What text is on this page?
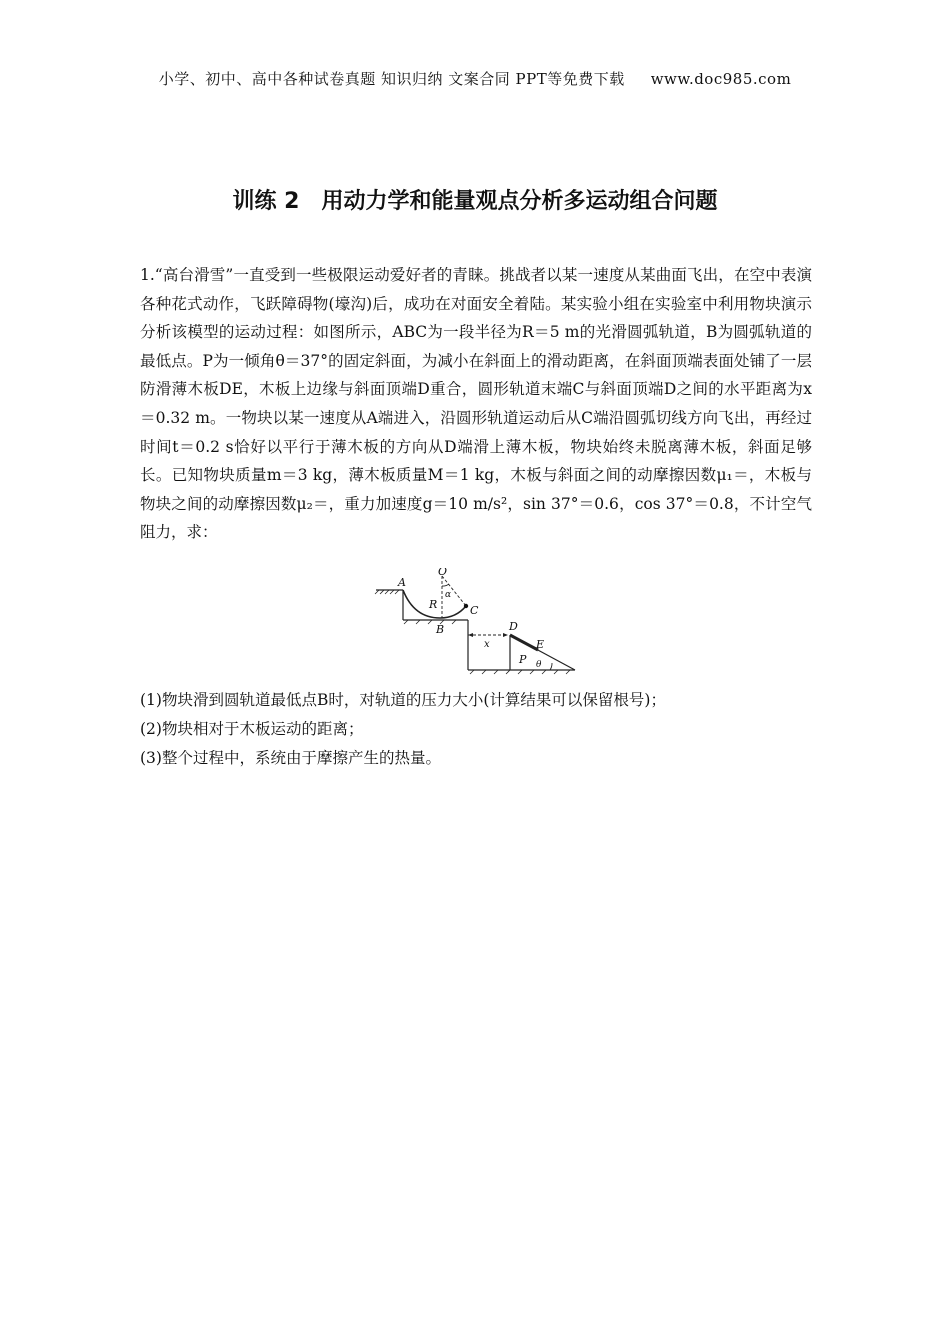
小学、初中、高中各种试卷真题 知识归纳 文案合同 PPT等免费下载 www.doc985.com
训练 2　用动力学和能量观点分析多运动组合问题
1.“高台滑雪”一直受到一些极限运动爱好者的青睐。挑战者以某一速度从某曲面飞出，在空中表演各种花式动作，飞跃障碍物(壕沟)后，成功在对面安全着陆。某实验小组在实验室中利用物块演示分析该模型的运动过程：如图所示，ABC为一段半径为R＝5 m的光滑圆弧轨道，B为圆弧轨道的最低点。P为一倾角θ＝37°的固定斜面，为减小在斜面上的滑动距离，在斜面顶端表面处铺了一层防滑薄木板DE，木板上边缘与斜面顶端D重合，圆形轨道末端C与斜面顶端D之间的水平距离为x＝0.32 m。一物块以某一速度从A端进入，沿圆形轨道运动后从C端沿圆弧切线方向飞出，再经过时间t＝0.2 s恰好以平行于薄木板的方向从D端滑上薄木板，物块始终未脱离薄木板，斜面足够长。已知物块质量m＝3 kg，薄木板质量M＝1 kg，木板与斜面之间的动摩擦因数μ₁＝，木板与物块之间的动摩擦因数μ₂＝，重力加速度g＝10 m/s²，sin 37°＝0.6，cos 37°＝0.8，不计空气阻力，求：
A
O
α
R	C
B	D
E
x
P θ
(1)物块滑到圆轨道最低点B时，对轨道的压力大小(计算结果可以保留根号)；
(2)物块相对于木板运动的距离；
(3)整个过程中，系统由于摩擦产生的热量。
